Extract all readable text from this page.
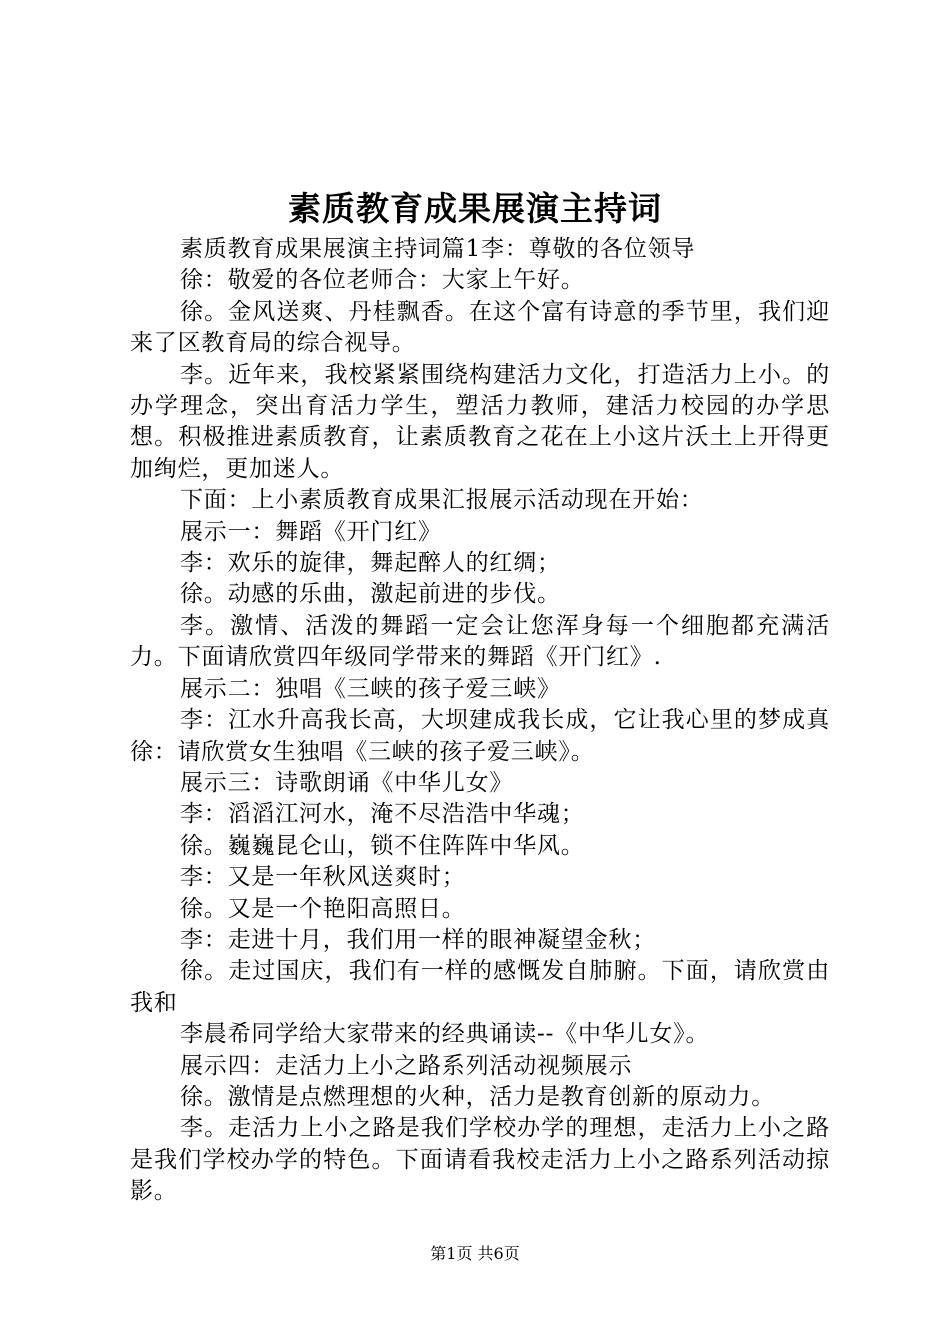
素质教育成果展演主持词

素质教育成果展演主持词篇1李：尊敬的各位领导

徐：敬爱的各位老师合：大家上午好。

徐。金风送爽、丹桂飘香。在这个富有诗意的季节里，我们迎来了区教育局的综合视导。

李。近年来，我校紧紧围绕构建活力文化，打造活力上小。的办学理念，突出育活力学生，塑活力教师，建活力校园的办学思想。积极推进素质教育，让素质教育之花在上小这片沃土上开得更加绚烂，更加迷人。

下面：上小素质教育成果汇报展示活动现在开始：

展示一：舞蹈《开门红》

李：欢乐的旋律，舞起醉人的红绸；

徐。动感的乐曲，激起前进的步伐。

李。激情、活泼的舞蹈一定会让您浑身每一个细胞都充满活力。下面请欣赏四年级同学带来的舞蹈《开门红》.

展示二：独唱《三峡的孩子爱三峡》

李：江水升高我长高，大坝建成我长成，它让我心里的梦成真徐：请欣赏女生独唱《三峡的孩子爱三峡》。

展示三：诗歌朗诵《中华儿女》

李：滔滔江河水，淹不尽浩浩中华魂；

徐。巍巍昆仑山，锁不住阵阵中华风。

李：又是一年秋风送爽时；

徐。又是一个艳阳高照日。

李：走进十月，我们用一样的眼神凝望金秋；

徐。走过国庆，我们有一样的感慨发自肺腑。下面，请欣赏由我和

李晨希同学给大家带来的经典诵读--《中华儿女》。

展示四：走活力上小之路系列活动视频展示

徐。激情是点燃理想的火种，活力是教育创新的原动力。

李。走活力上小之路是我们学校办学的理想，走活力上小之路是我们学校办学的特色。下面请看我校走活力上小之路系列活动掠影。

第1页 共6页
